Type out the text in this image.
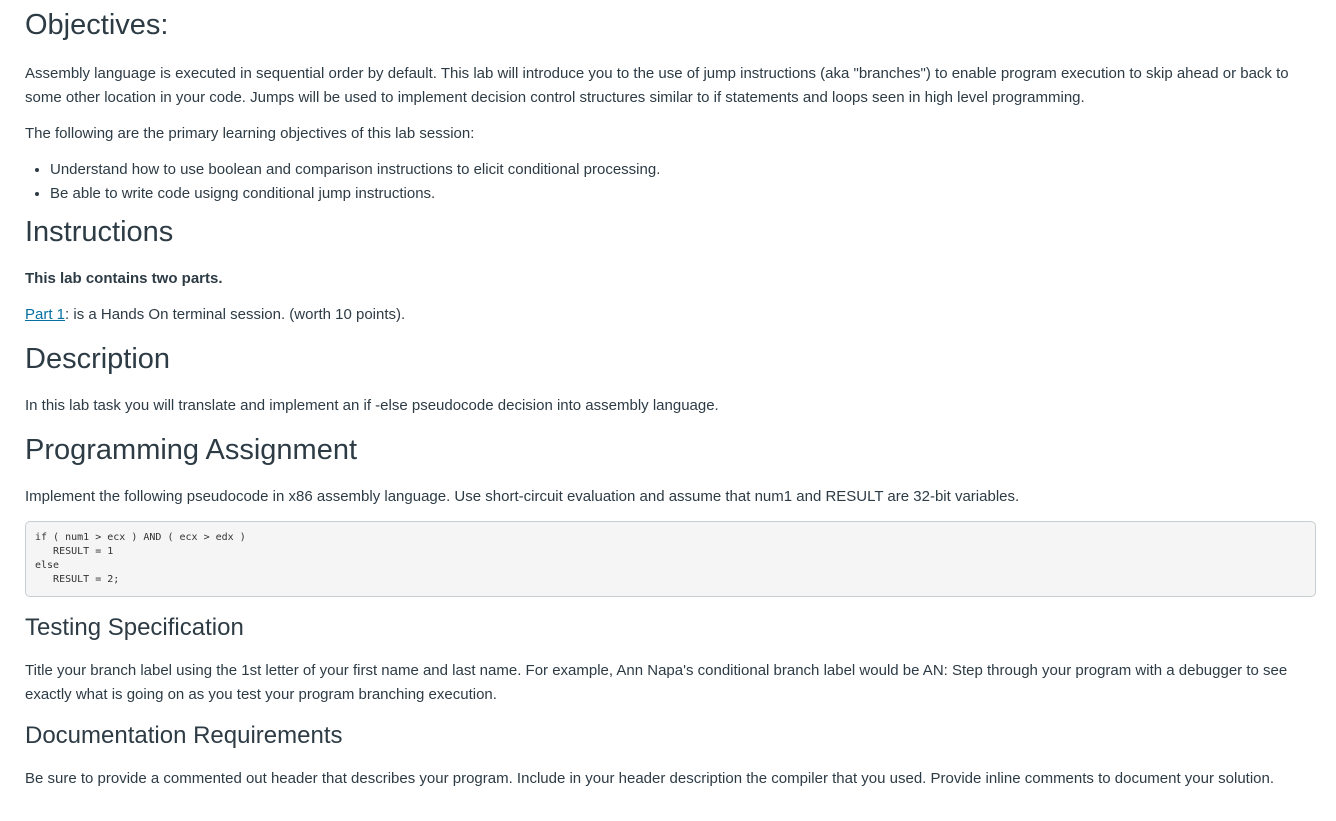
Objectives:

Assembly language is executed in sequential order by default. This lab will introduce you to the use of jump instructions (aka "branches") to enable program execution to skip ahead or back to some other location in your code. Jumps will be used to implement decision control structures similar to if statements and loops seen in high level programming.

The following are the primary learning objectives of this lab session:

• Understand how to use boolean and comparison instructions to elicit conditional processing.
• Be able to write code usigng conditional jump instructions.
Instructions

This lab contains two parts.

Part 1: is a Hands On terminal session. (worth 10 points).

Description

In this lab task you will translate and implement an if -else pseudocode decision into assembly language.

Programming Assignment

Implement the following pseudocode in x86 assembly language. Use short-circuit evaluation and assume that num1 and RESULT are 32-bit variables.

if ( num1 > ecx ) AND ( ecx > edx )
RESULT = 1
else
RESULT = 2;
Testing Specification

Title your branch label using the 1st letter of your first name and last name. For example, Ann Napa's conditional branch label would be AN: Step through your program with a debugger to see exactly what is going on as you test your program branching execution.

Documentation Requirements

Be sure to provide a commented out header that describes your program. Include in your header description the compiler that you used. Provide inline comments to document your solution.
